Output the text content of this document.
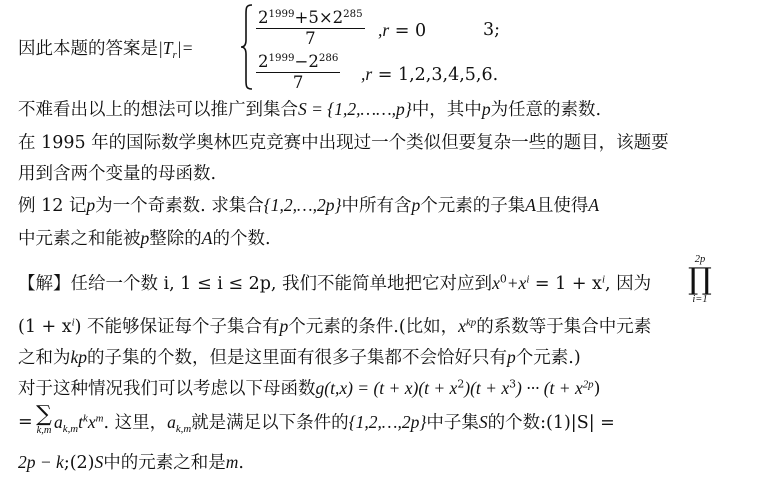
因此本题的答案是$|T_r|=$
$2^{1999}+5\times 2^{285}$
7	,r = 0	3;
$2^{1999}-2^{286}$
7	,r = 1,2,3,4,5,6.
不难看出以上的想法可以推广到集合S = {1,2,……,p}中，其中p为任意的素数.
在 1995 年的国际数学奥林匹克竞赛中出现过一个类似但要复杂一些的题目，该题要
用到含两个变量的母函数.
例 12 记p为一个奇素数. 求集合{1,2,…,2p}中所有含p个元素的子集A且使得A
中元素之和能被p整除的A的个数.
【解】任给一个数 i, 1 ≤ i ≤ 2p, 我们不能简单地把它对应到$x^0+x^i = 1 + x^i$, 因为
2p
∏
i=1
$(1 + x^i)$ 不能够保证每个子集合有p个元素的条件.(比如，$x^{kp}$的系数等于集合中元素
之和为kp的子集的个数，但是这里面有很多子集都不会恰好只有p个元素.)
对于这种情况我们可以考虑以下母函数$g(t,x) = (t + x)(t + x^2)(t + x^3)$ ··· $(t + x^{2p})$
= ∑
k,m $a_{k,m}t^kx^m$. 这里，$a_{k,m}$就是满足以下条件的{1,2,…,2p}中子集S的个数:(1)|S| =
2p − k;(2)S中的元素之和是m.
